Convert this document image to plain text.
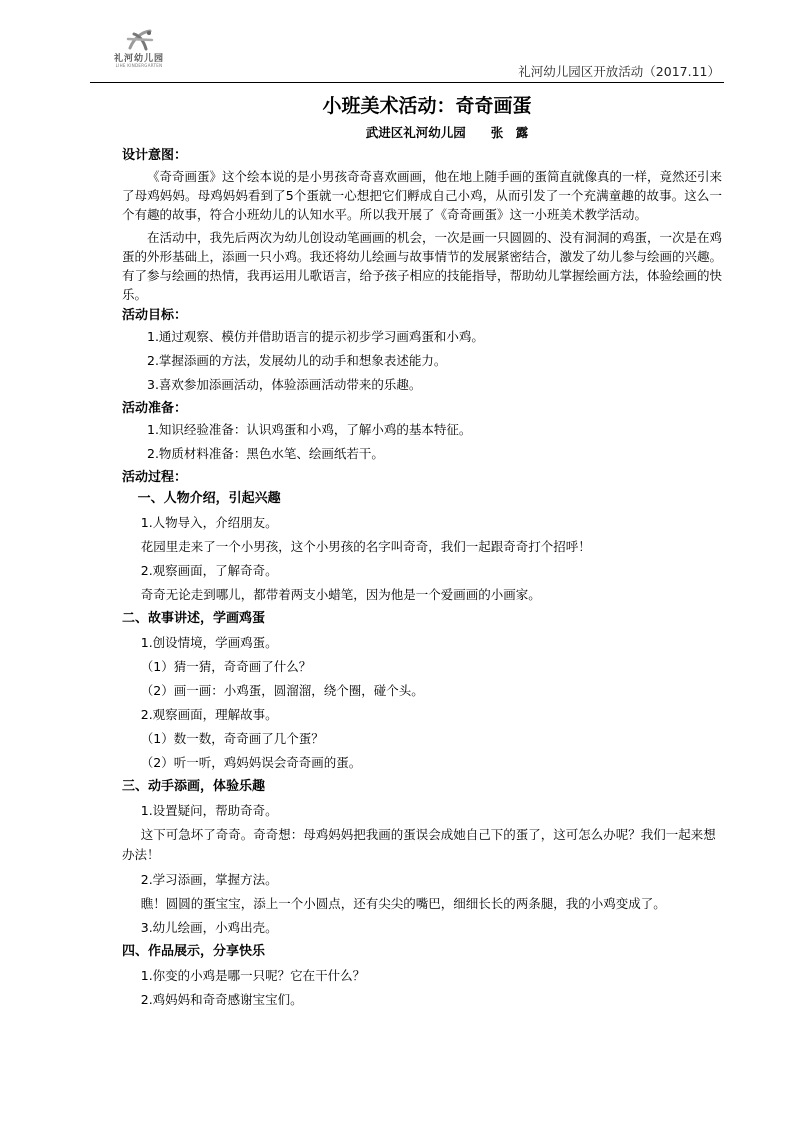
礼河幼儿园
LIHE KINDERGARTEN	礼河幼儿园区开放活动（2017.11）
小班美术活动：奇奇画蛋
武进区礼河幼儿园　　张　露
设计意图：

《奇奇画蛋》这个绘本说的是小男孩奇奇喜欢画画，他在地上随手画的蛋简直就像真的一样，竟然还引来了母鸡妈妈。母鸡妈妈看到了5个蛋就一心想把它们孵成自己小鸡，从而引发了一个充满童趣的故事。这么一个有趣的故事，符合小班幼儿的认知水平。所以我开展了《奇奇画蛋》这一小班美术教学活动。

在活动中，我先后两次为幼儿创设动笔画画的机会，一次是画一只圆圆的、没有洞洞的鸡蛋，一次是在鸡蛋的外形基础上，添画一只小鸡。我还将幼儿绘画与故事情节的发展紧密结合，激发了幼儿参与绘画的兴趣。有了参与绘画的热情，我再运用儿歌语言，给予孩子相应的技能指导，帮助幼儿掌握绘画方法，体验绘画的快乐。

活动目标：
1.通过观察、模仿并借助语言的提示初步学习画鸡蛋和小鸡。
2.掌握添画的方法，发展幼儿的动手和想象表述能力。
3.喜欢参加添画活动，体验添画活动带来的乐趣。
活动准备：
1.知识经验准备：认识鸡蛋和小鸡，了解小鸡的基本特征。
2.物质材料准备：黑色水笔、绘画纸若干。
活动过程：
一、人物介绍，引起兴趣
1.人物导入，介绍朋友。
花园里走来了一个小男孩，这个小男孩的名字叫奇奇，我们一起跟奇奇打个招呼！
2.观察画面，了解奇奇。
奇奇无论走到哪儿，都带着两支小蜡笔，因为他是一个爱画画的小画家。
二、故事讲述，学画鸡蛋
1.创设情境，学画鸡蛋。
（1）猜一猜，奇奇画了什么？
（2）画一画：小鸡蛋，圆溜溜，绕个圈，碰个头。
2.观察画面，理解故事。
（1）数一数，奇奇画了几个蛋？
（2）听一听，鸡妈妈误会奇奇画的蛋。
三、动手添画，体验乐趣
1.设置疑问，帮助奇奇。
这下可急坏了奇奇。奇奇想：母鸡妈妈把我画的蛋误会成她自己下的蛋了，这可怎么办呢？我们一起来想办法！
2.学习添画，掌握方法。
瞧！圆圆的蛋宝宝，添上一个小圆点，还有尖尖的嘴巴，细细长长的两条腿，我的小鸡变成了。
3.幼儿绘画，小鸡出壳。
四、作品展示，分享快乐
1.你变的小鸡是哪一只呢？它在干什么？
2.鸡妈妈和奇奇感谢宝宝们。
